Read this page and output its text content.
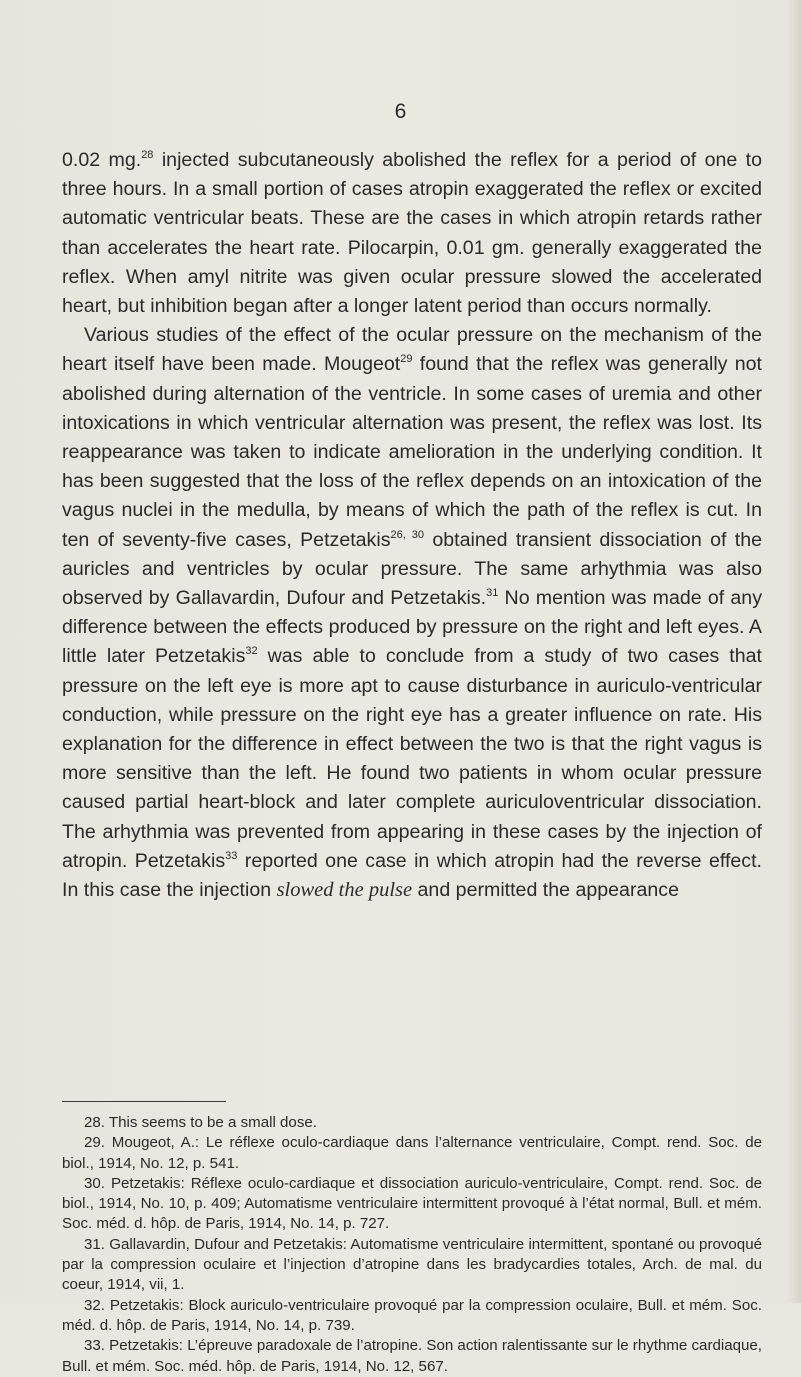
6

0.02 mg.$^{28}$ injected subcutaneously abolished the reflex for a period of one to three hours. In a small portion of cases atropin exaggerated the reflex or excited automatic ventricular beats. These are the cases in which atropin retards rather than accelerates the heart rate. Pilocarpin, 0.01 gm. generally exaggerated the reflex. When amyl nitrite was given ocular pressure slowed the accelerated heart, but inhibition began after a longer latent period than occurs normally.

Various studies of the effect of the ocular pressure on the mechanism of the heart itself have been made. Mougeot$^{29}$ found that the reflex was generally not abolished during alternation of the ventricle. In some cases of uremia and other intoxications in which ventricular alternation was present, the reflex was lost. Its reappearance was taken to indicate amelioration in the underlying condition. It has been suggested that the loss of the reflex depends on an intoxication of the vagus nuclei in the medulla, by means of which the path of the reflex is cut. In ten of seventy-five cases, Petzetakis$^{26, 30}$ obtained transient dissociation of the auricles and ventricles by ocular pressure. The same arhythmia was also observed by Gallavardin, Dufour and Petzetakis.$^{31}$ No mention was made of any difference between the effects produced by pressure on the right and left eyes. A little later Petzetakis$^{32}$ was able to conclude from a study of two cases that pressure on the left eye is more apt to cause disturbance in auriculo-ventricular conduction, while pressure on the right eye has a greater influence on rate. His explanation for the difference in effect between the two is that the right vagus is more sensitive than the left. He found two patients in whom ocular pressure caused partial heart-block and later complete auriculoventricular dissociation. The arhythmia was prevented from appearing in these cases by the injection of atropin. Petzetakis$^{33}$ reported one case in which atropin had the reverse effect. In this case the injection slowed the pulse and permitted the appearance

28. This seems to be a small dose.

29. Mougeot, A.: Le réflexe oculo-cardiaque dans l’alternance ventriculaire, Compt. rend. Soc. de biol., 1914, No. 12, p. 541.

30. Petzetakis: Réflexe oculo-cardiaque et dissociation auriculo-ventriculaire, Compt. rend. Soc. de biol., 1914, No. 10, p. 409; Automatisme ventriculaire intermittent provoqué à l’état normal, Bull. et mém. Soc. méd. d. hôp. de Paris, 1914, No. 14, p. 727.

31. Gallavardin, Dufour and Petzetakis: Automatisme ventriculaire intermittent, spontané ou provoqué par la compression oculaire et l’injection d’atropine dans les bradycardies totales, Arch. de mal. du coeur, 1914, vii, 1.

32. Petzetakis: Block auriculo-ventriculaire provoqué par la compression oculaire, Bull. et mém. Soc. méd. d. hôp. de Paris, 1914, No. 14, p. 739.

33. Petzetakis: L’épreuve paradoxale de l’atropine. Son action ralentissante sur le rhythme cardiaque, Bull. et mém. Soc. méd. hôp. de Paris, 1914, No. 12, 567.
